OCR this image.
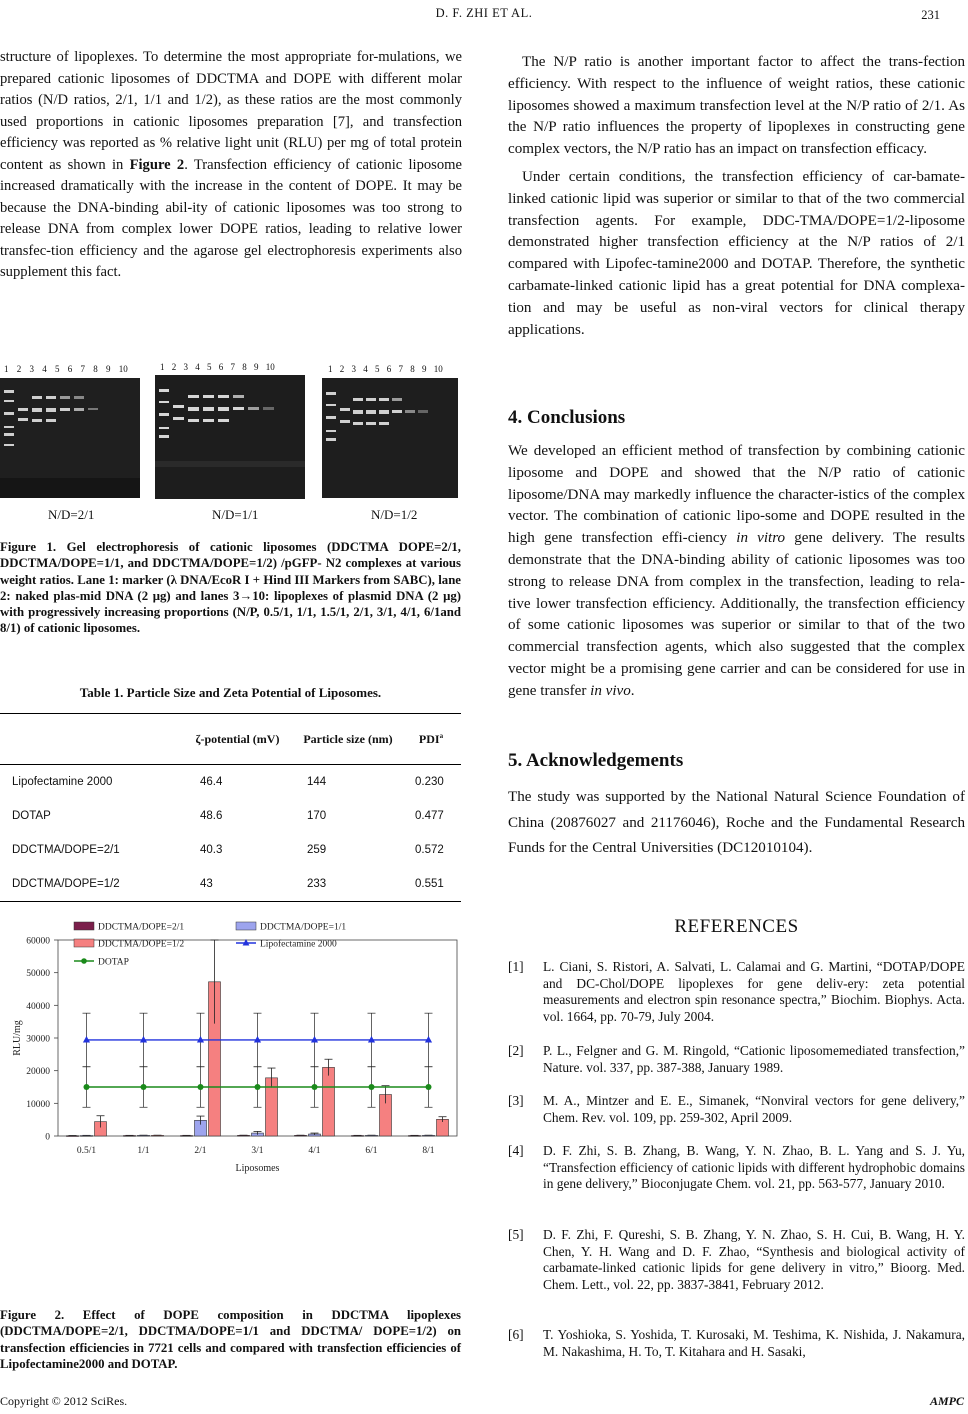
D. F. ZHI ET AL.	231

structure of lipoplexes. To determine the most appropriate for-mulations, we prepared cationic liposomes of DDCTMA and DOPE with different molar ratios (N/D ratios, 2/1, 1/1 and 1/2), as these ratios are the most commonly used proportions in cationic liposomes preparation [7], and transfection efficiency was reported as % relative light unit (RLU) per mg of total protein content as shown in Figure 2. Transfection efficiency of cationic liposome increased dramatically with the increase in the content of DOPE. It may be because the DNA-binding abil-ity of cationic liposomes was too strong to release DNA from complex lower DOPE ratios, leading to relative lower transfec-tion efficiency and the agarose gel electrophoresis experiments also supplement this fact.

1 2 3 4 5 6 7 8 9 10	1 2 3 4 5 6 7 8 9 10	1 2 3 4 5 6 7 8 9 10
N/D=2/1	N/D=1/1	N/D=1/2
Figure 1. Gel electrophoresis of cationic liposomes (DDCTMA DOPE=2/1, DDCTMA/DOPE=1/1, and DDCTMA/DOPE=1/2) /pGFP- N2 complexes at various weight ratios. Lane 1: marker (λ DNA/EcoR I + Hind III Markers from SABC), lane 2: naked plas-mid DNA (2 μg) and lanes 3→10: lipoplexes of plasmid DNA (2 μg) with progressively increasing proportions (N/P, 0.5/1, 1/1, 1.5/1, 2/1, 3/1, 4/1, 6/1and 8/1) of cationic liposomes.
Table 1. Particle Size and Zeta Potential of Liposomes.
	ζ-potential (mV)	Particle size (nm)	PDI$^a$
Lipofectamine 2000	46.4	144	0.230
DOTAP	48.6	170	0.477
DDCTMA/DOPE=2/1	40.3	259	0.572
DDCTMA/DOPE=1/2	43	233	0.551
0
10000
20000
30000
40000
50000
60000
0.5/1	1/1	2/1	3/1	4/1	6/1	8/1
Liposomes
RLU/mg
DDCTMA/DOPE=2/1	DDCTMA/DOPE=1/1
DDCTMA/DOPE=1/2	Lipofectamine 2000
DOTAP
Figure 2. Effect of DOPE composition in DDCTMA lipoplexes (DDCTMA/DOPE=2/1, DDCTMA/DOPE=1/1 and DDCTMA/ DOPE=1/2) on transfection efficiencies in 7721 cells and compared with transfection efficiencies of Lipofectamine2000 and DOTAP.

The N/P ratio is another important factor to affect the trans-fection efficiency. With respect to the influence of weight ratios, these cationic liposomes showed a maximum transfection level at the N/P ratio of 2/1. As the N/P ratio influences the property of lipoplexes in constructing gene complex vectors, the N/P ratio has an impact on transfection efficacy.

Under certain conditions, the transfection efficiency of car-bamate-linked cationic lipid was superior or similar to that of the two commercial transfection agents. For example, DDC-TMA/DOPE=1/2-liposome demonstrated higher transfection efficiency at the N/P ratios of 2/1 compared with Lipofec-tamine2000 and DOTAP. Therefore, the synthetic carbamate-linked cationic lipid has a great potential for DNA complexa-tion and may be useful as non-viral vectors for clinical therapy applications.

4. Conclusions

We developed an efficient method of transfection by combining cationic liposome and DOPE and showed that the N/P ratio of cationic liposome/DNA may markedly influence the character-istics of the complex vector. The combination of cationic lipo-some and DOPE resulted in the high gene transfection effi-ciency in vitro gene delivery. The results demonstrate that the DNA-binding ability of cationic liposomes was too strong to release DNA from complex in the transfection, leading to rela-tive lower transfection efficiency. Additionally, the transfection efficiency of some cationic liposomes was superior or similar to that of the two commercial transfection agents, which also suggested that the complex vector might be a promising gene carrier and can be considered for use in gene transfer in vivo.

5. Acknowledgements

The study was supported by the National Natural Science Foundation of China (20876027 and 21176046), Roche and the Fundamental Research Funds for the Central Universities (DC12010104).

REFERENCES
[1] L. Ciani, S. Ristori, A. Salvati, L. Calamai and G. Martini, “DOTAP/DOPE and DC-Chol/DOPE lipoplexes for gene deliv-ery: zeta potential measurements and electron spin resonance spectra,” Biochim. Biophys. Acta. vol. 1664, pp. 70-79, July 2004.
[2] P. L., Felgner and G. M. Ringold, “Cationic liposomemediated transfection,” Nature. vol. 337, pp. 387-388, January 1989.
[3] M. A., Mintzer and E. E., Simanek, “Nonviral vectors for gene delivery,” Chem. Rev. vol. 109, pp. 259-302, April 2009.
[4] D. F. Zhi, S. B. Zhang, B. Wang, Y. N. Zhao, B. L. Yang and S. J. Yu, “Transfection efficiency of cationic lipids with different hydrophobic domains in gene delivery,” Bioconjugate Chem. vol. 21, pp. 563-577, January 2010.
[5] D. F. Zhi, F. Qureshi, S. B. Zhang, Y. N. Zhao, S. H. Cui, B. Wang, H. Y. Chen, Y. H. Wang and D. F. Zhao, “Synthesis and biological activity of carbamate-linked cationic lipids for gene delivery in vitro,” Bioorg. Med. Chem. Lett., vol. 22, pp. 3837-3841, February 2012.
[6] T. Yoshioka, S. Yoshida, T. Kurosaki, M. Teshima, K. Nishida, J. Nakamura, M. Nakashima, H. To, T. Kitahara and H. Sasaki,
Copyright © 2012 SciRes.	AMPC
